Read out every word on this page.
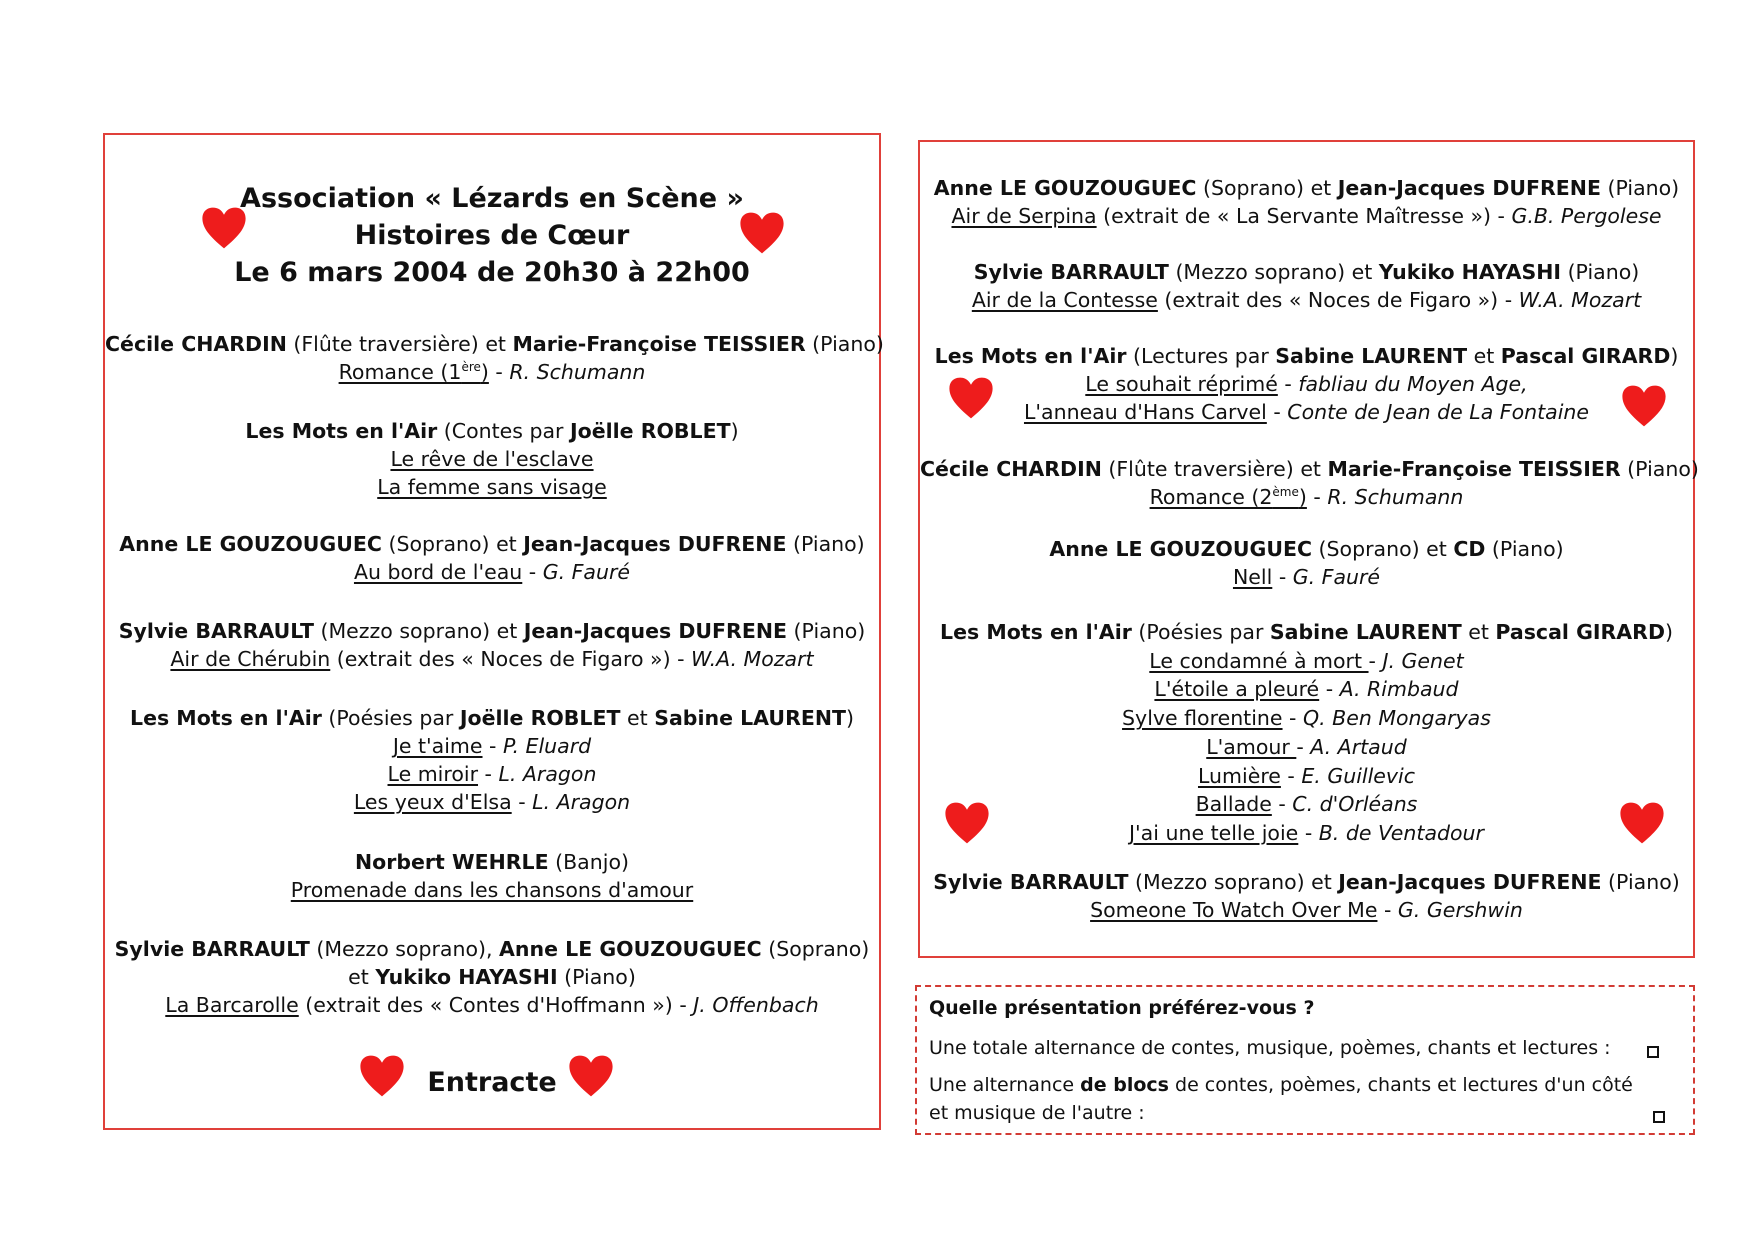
Association « Lézards en Scène »
Histoires de Cœur
Le 6 mars 2004 de 20h30 à 22h00
Cécile CHARDIN (Flûte traversière) et Marie-Françoise TEISSIER (Piano)
Romance (1ère) - R. Schumann
Les Mots en l'Air (Contes par Joëlle ROBLET)
Le rêve de l'esclave
La femme sans visage
Anne LE GOUZOUGUEC (Soprano) et Jean-Jacques DUFRENE (Piano)
Au bord de l'eau - G. Fauré
Sylvie BARRAULT (Mezzo soprano) et Jean-Jacques DUFRENE (Piano)
Air de Chérubin (extrait des « Noces de Figaro ») - W.A. Mozart
Les Mots en l'Air (Poésies par Joëlle ROBLET et Sabine LAURENT)
Je t'aime - P. Eluard
Le miroir - L. Aragon
Les yeux d'Elsa - L. Aragon
Norbert WEHRLE (Banjo)
Promenade dans les chansons d'amour
Sylvie BARRAULT (Mezzo soprano), Anne LE GOUZOUGUEC (Soprano)
et Yukiko HAYASHI (Piano)
La Barcarolle (extrait des « Contes d'Hoffmann ») - J. Offenbach
Entracte
Anne LE GOUZOUGUEC (Soprano) et Jean-Jacques DUFRENE (Piano)
Air de Serpina (extrait de « La Servante Maîtresse ») - G.B. Pergolese
Sylvie BARRAULT (Mezzo soprano) et Yukiko HAYASHI (Piano)
Air de la Contesse (extrait des « Noces de Figaro ») - W.A. Mozart
Les Mots en l'Air (Lectures par Sabine LAURENT et Pascal GIRARD)
Le souhait réprimé - fabliau du Moyen Age,
L'anneau d'Hans Carvel - Conte de Jean de La Fontaine
Cécile CHARDIN (Flûte traversière) et Marie-Françoise TEISSIER (Piano)
Romance (2ème) - R. Schumann
Anne LE GOUZOUGUEC (Soprano) et CD (Piano)
Nell - G. Fauré
Les Mots en l'Air (Poésies par Sabine LAURENT et Pascal GIRARD)
Le condamné à mort - J. Genet
L'étoile a pleuré - A. Rimbaud
Sylve florentine - Q. Ben Mongaryas
L'amour - A. Artaud
Lumière - E. Guillevic
Ballade - C. d'Orléans
J'ai une telle joie - B. de Ventadour
Sylvie BARRAULT (Mezzo soprano) et Jean-Jacques DUFRENE (Piano)
Someone To Watch Over Me - G. Gershwin
Quelle présentation préférez-vous ?
Une totale alternance de contes, musique, poèmes, chants et lectures :
Une alternance de blocs de contes, poèmes, chants et lectures d'un côté
et musique de l'autre :
